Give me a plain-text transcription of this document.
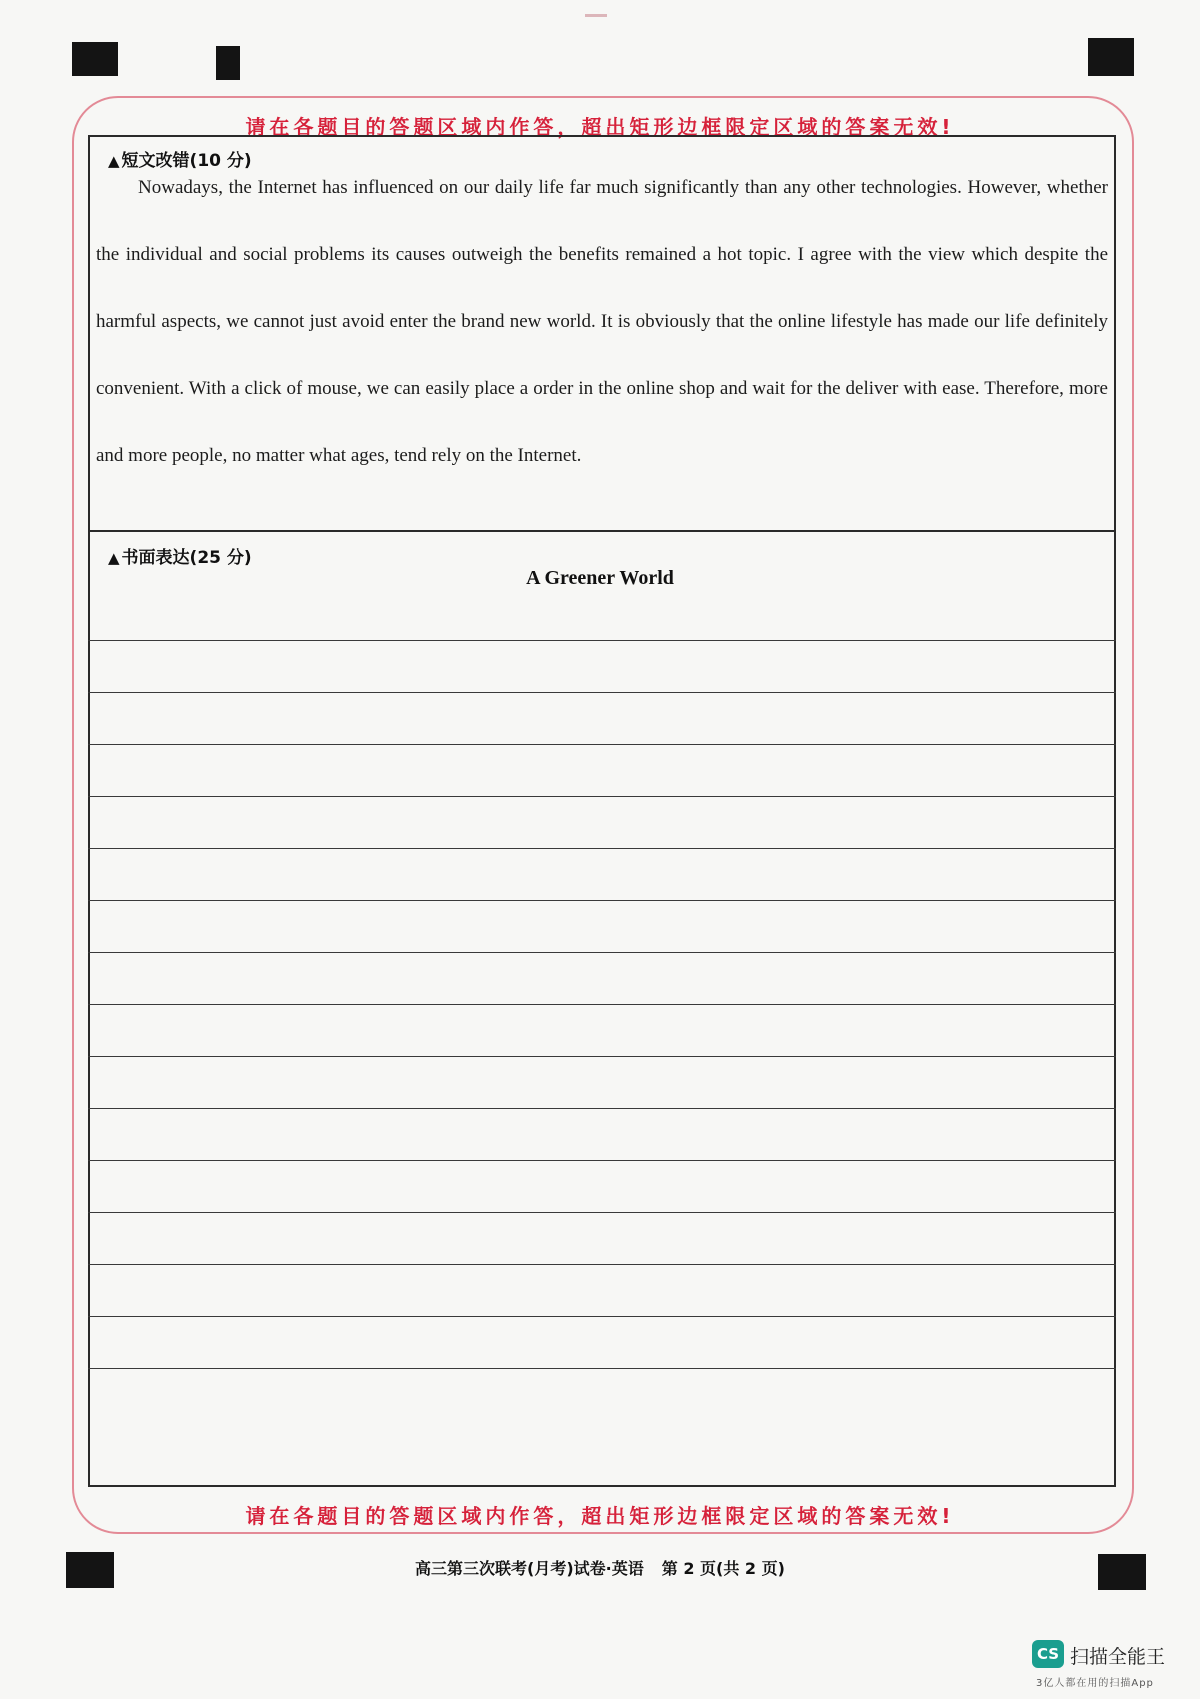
请在各题目的答题区域内作答，超出矩形边框限定区域的答案无效!
▲ 短文改错(10 分)

Nowadays, the Internet has influenced on our daily life far much significantly than any other technologies. However, whether the individual and social problems its causes outweigh the benefits remained a hot topic. I agree with the view which despite the harmful aspects, we cannot just avoid enter the brand new world. It is obviously that the online lifestyle has made our life definitely convenient. With a click of mouse, we can easily place a order in the online shop and wait for the deliver with ease. Therefore, more and more people, no matter what ages, tend rely on the Internet.

▲ 书面表达(25 分)
A Greener World
请在各题目的答题区域内作答，超出矩形边框限定区域的答案无效!
高三第三次联考(月考)试卷·英语 第 2 页(共 2 页)
CS 扫描全能王
3亿人都在用的扫描App
